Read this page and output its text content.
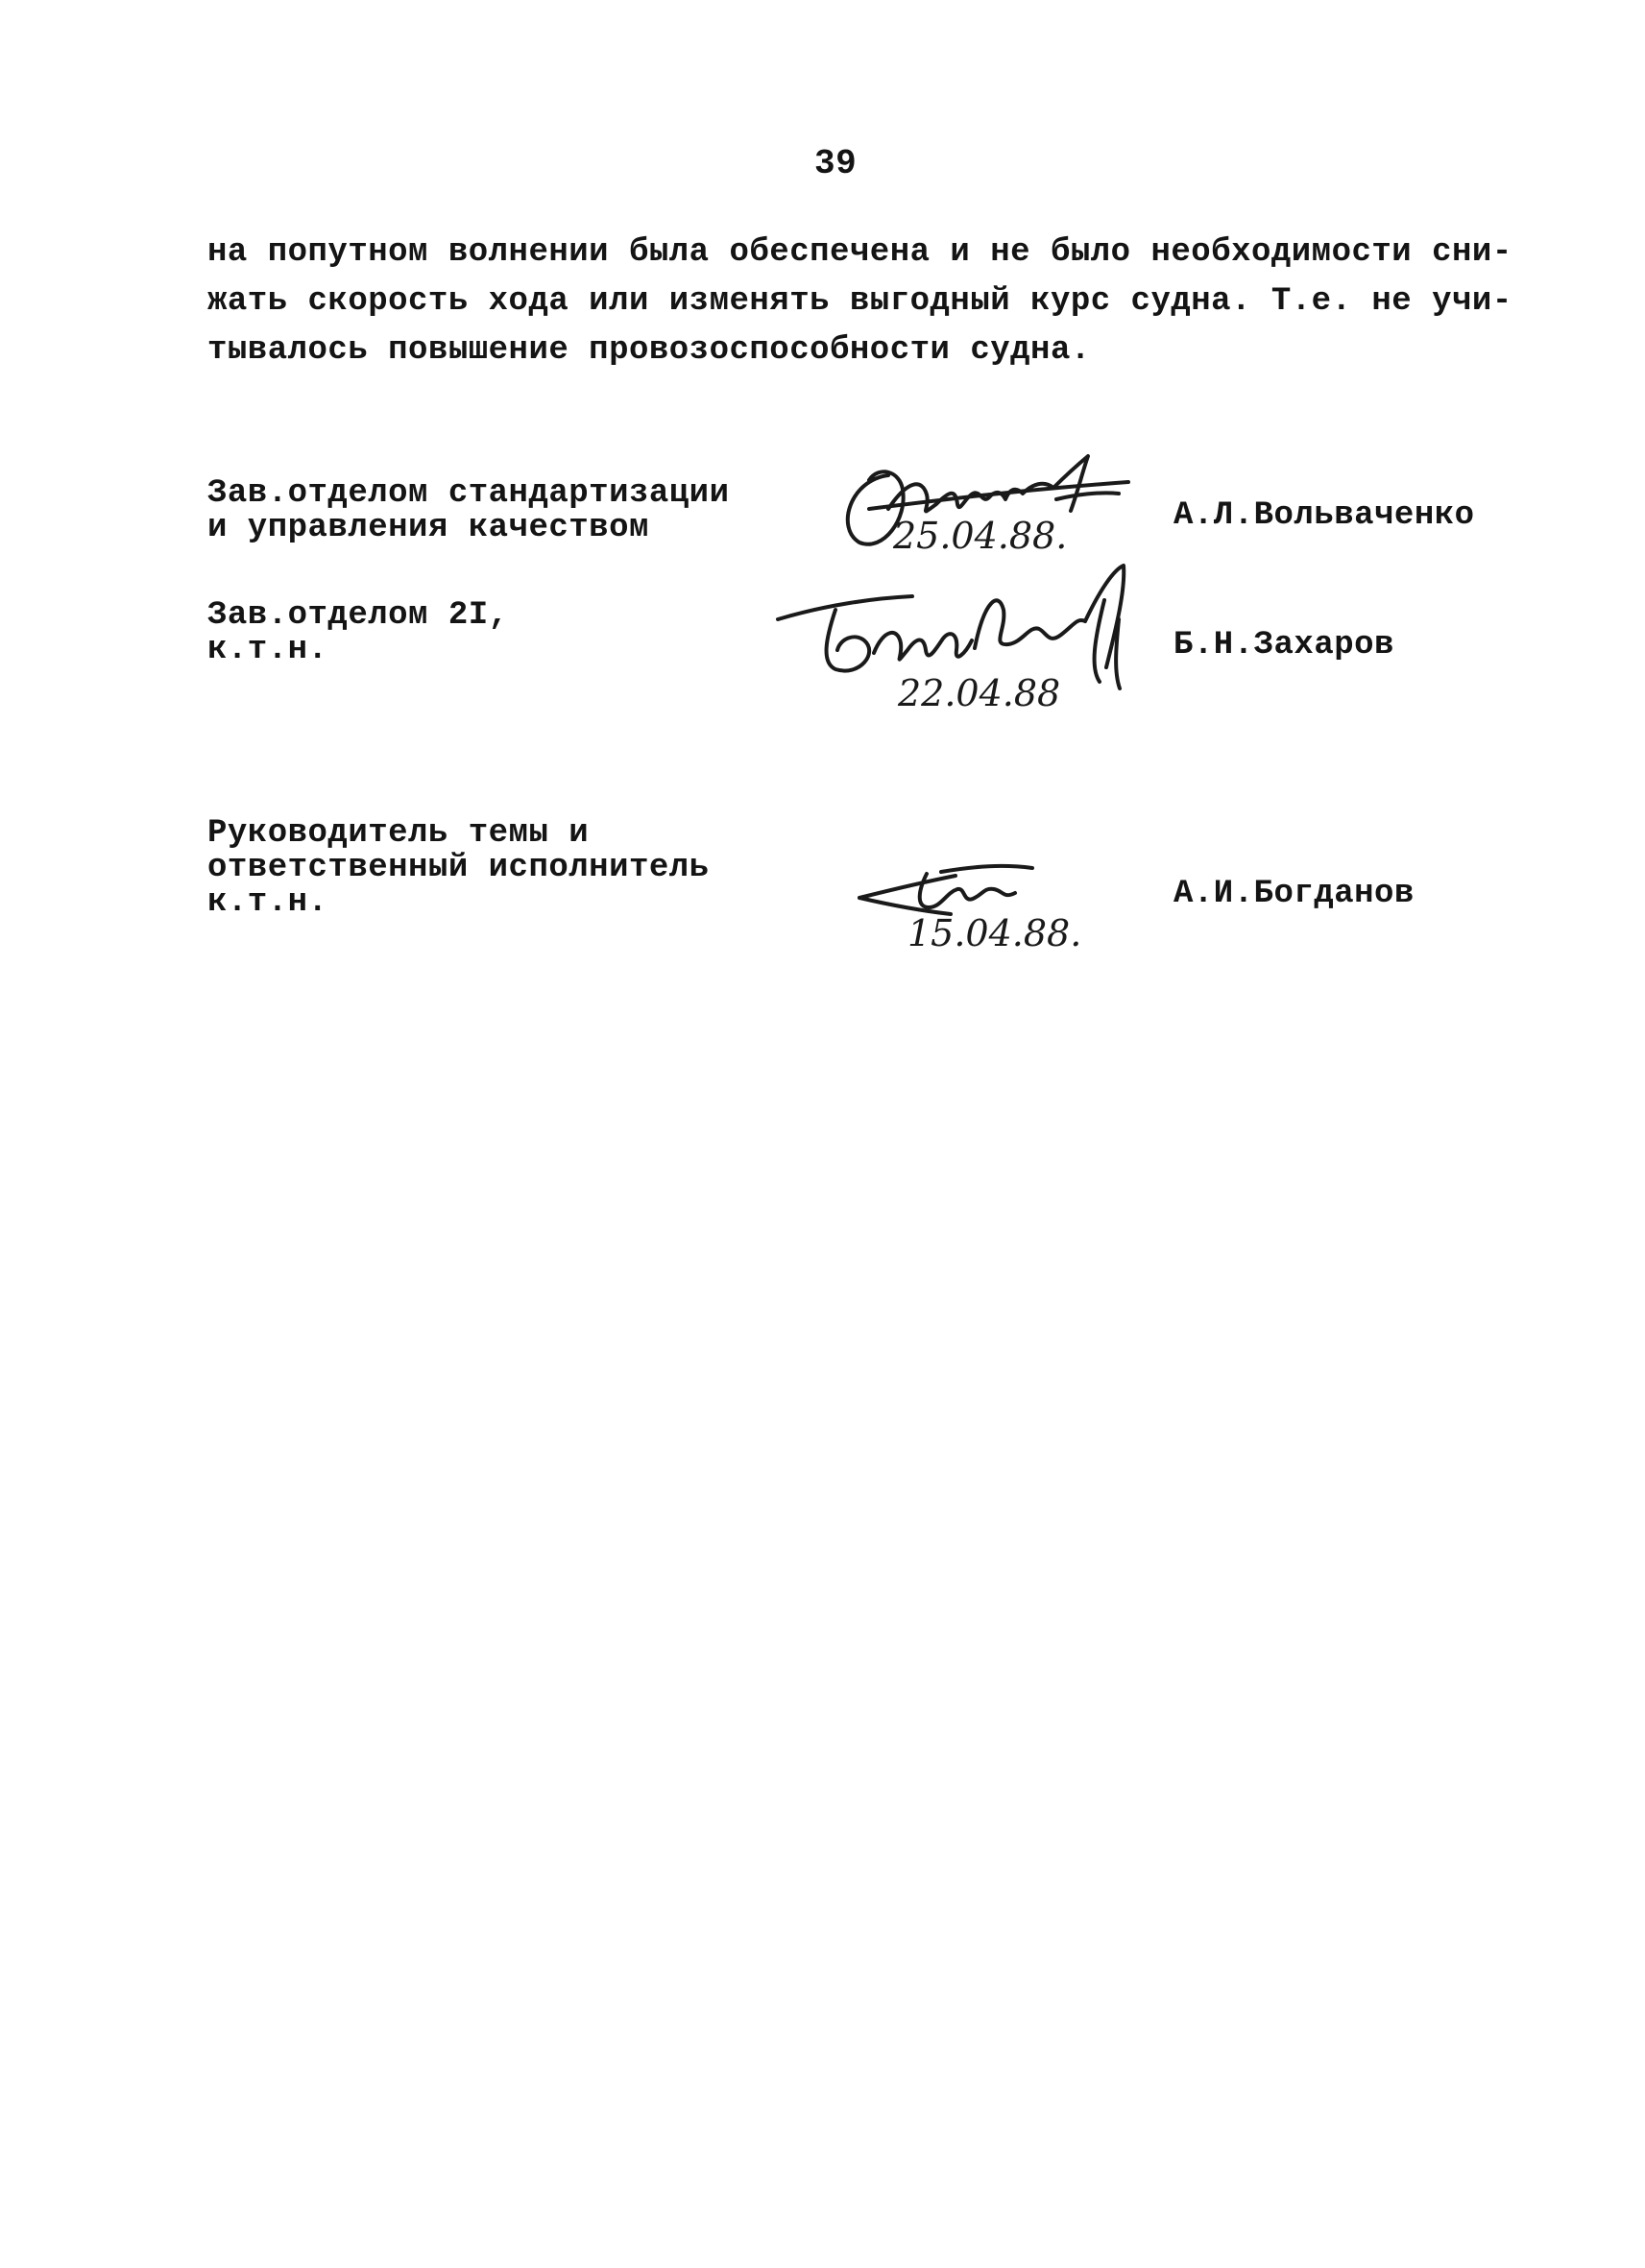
39
на попутном волнении была обеспечена и не было необходимости сни-
жать скорость хода или изменять выгодный курс судна. Т.е. не учи-
тывалось повышение провозоспособности судна.
Зав.отделом стандартизации
и управления качеством	25.04.88.	А.Л.Вольваченко
Зав.отделом 2I,
к.т.н.
22.04.88
Б.Н.Захаров
Руководитель темы и
ответственный исполнитель
к.т.н.
15.04.88.
А.И.Богданов
